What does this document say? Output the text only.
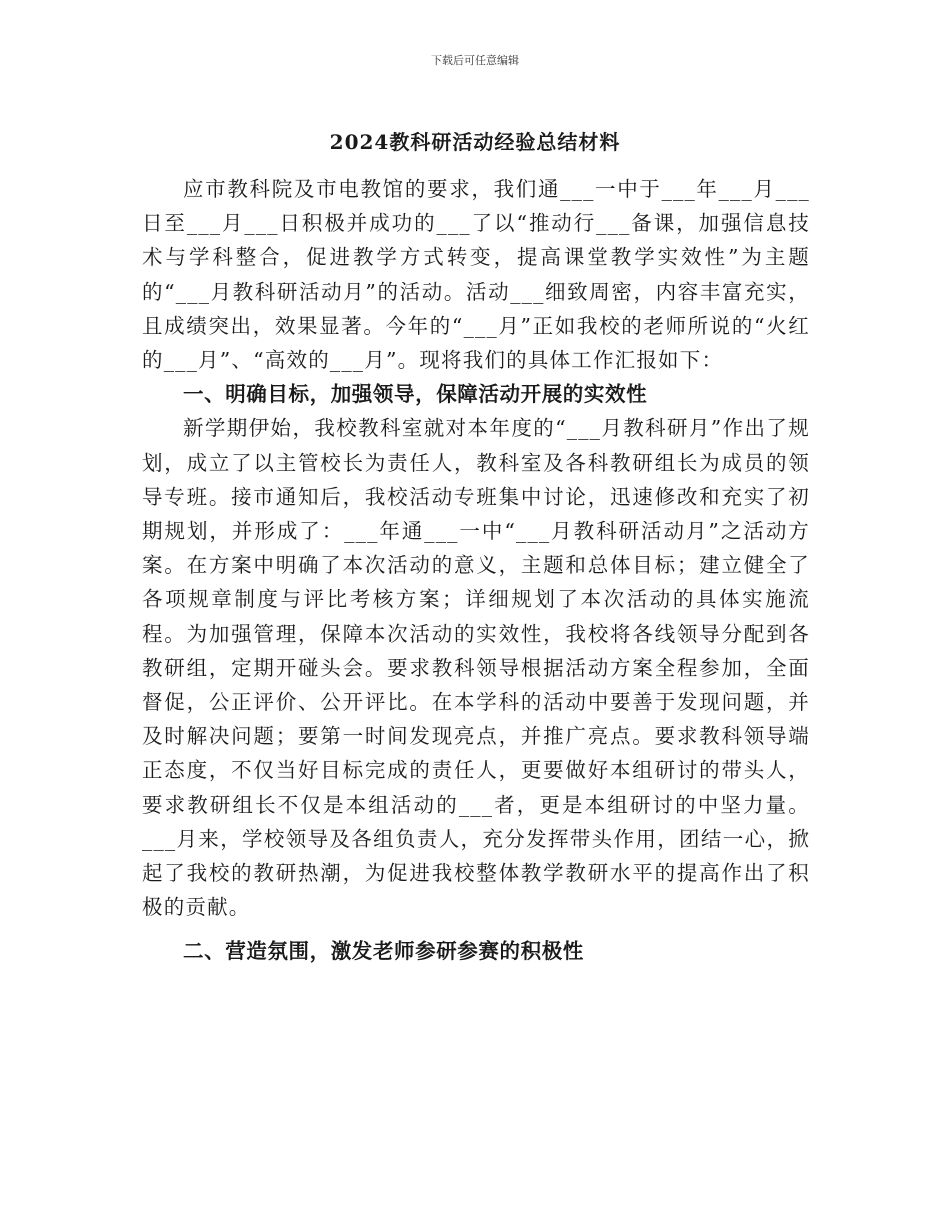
下载后可任意编辑
2024教科研活动经验总结材料

应市教科院及市电教馆的要求，我们通___一中于___年___月___日至___月___日积极并成功的___了以“推动行___备课，加强信息技术与学科整合，促进教学方式转变，提高课堂教学实效性”为主题的“___月教科研活动月”的活动。活动___细致周密，内容丰富充实，且成绩突出，效果显著。今年的“___月”正如我校的老师所说的“火红的___月”、“高效的___月”。现将我们的具体工作汇报如下：

一、明确目标，加强领导，保障活动开展的实效性

新学期伊始，我校教科室就对本年度的“___月教科研月”作出了规划，成立了以主管校长为责任人，教科室及各科教研组长为成员的领导专班。接市通知后，我校活动专班集中讨论，迅速修改和充实了初期规划，并形成了：___年通___一中“___月教科研活动月”之活动方案。在方案中明确了本次活动的意义，主题和总体目标；建立健全了各项规章制度与评比考核方案；详细规划了本次活动的具体实施流程。为加强管理，保障本次活动的实效性，我校将各线领导分配到各教研组，定期开碰头会。要求教科领导根据活动方案全程参加，全面督促，公正评价、公开评比。在本学科的活动中要善于发现问题，并及时解决问题；要第一时间发现亮点，并推广亮点。要求教科领导端正态度，不仅当好目标完成的责任人，更要做好本组研讨的带头人，要求教研组长不仅是本组活动的___者，更是本组研讨的中坚力量。___月来，学校领导及各组负责人，充分发挥带头作用，团结一心，掀起了我校的教研热潮，为促进我校整体教学教研水平的提高作出了积极的贡献。

二、营造氛围，激发老师参研参赛的积极性
